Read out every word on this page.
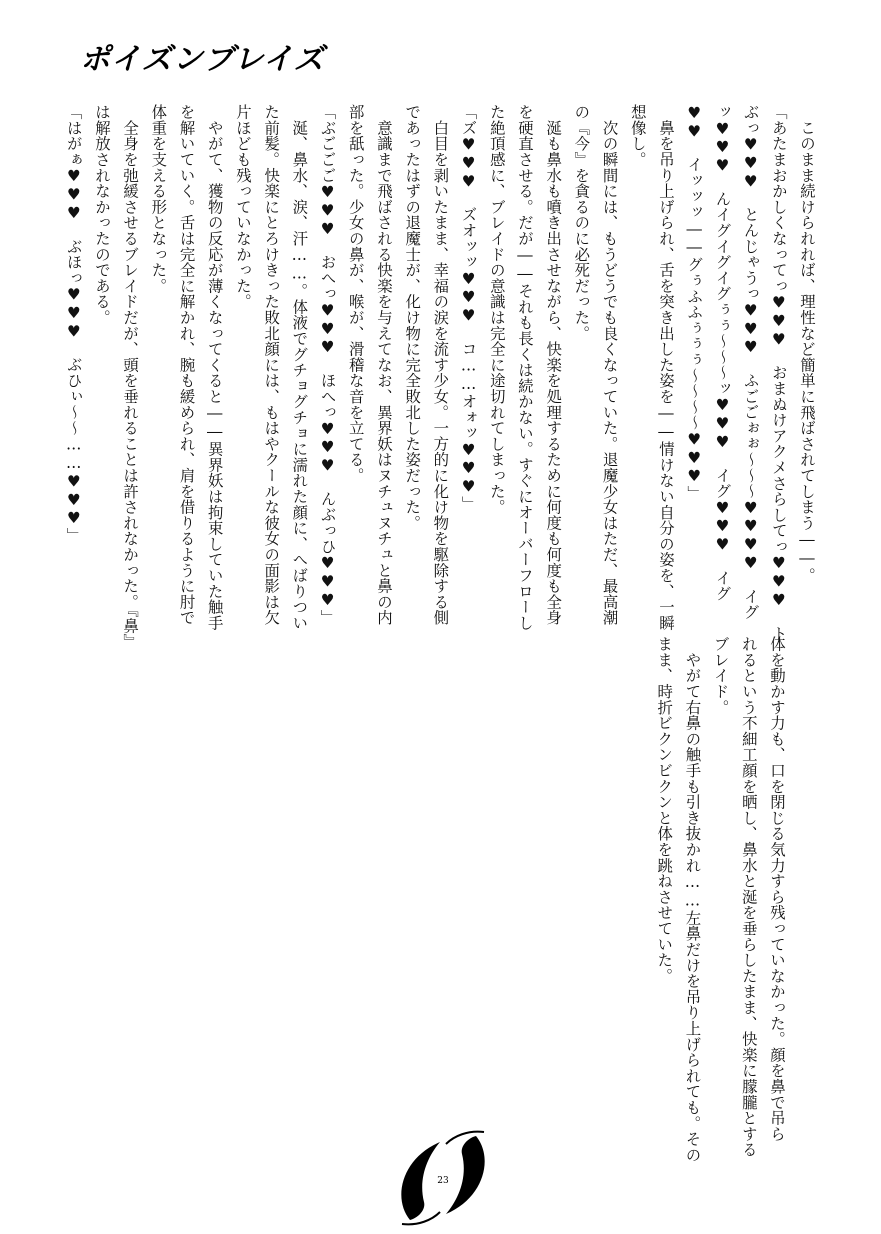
ポイズンブレイズ

　このまま続けられれば、理性など簡単に飛ばされてしまう――。

「あたまおかしくなってっ♥♥♥　おまぬけアクメさらしてっ♥♥♥　ト

ぶっ♥♥♥　とんじゃうっ♥♥♥　ふごごぉぉ～～～♥♥♥♥　イグ

ッ♥♥♥　んイグイグイグぅぅ～～～ッ♥♥♥　イグ♥♥♥　イグ

♥♥　イッッッ――グぅふふぅぅぅ～～～～♥♥♥」

　鼻を吊り上げられ、舌を突き出した姿を――情けない自分の姿を、一瞬

想像し。

　次の瞬間には、もうどうでも良くなっていた。退魔少女はただ、最高潮

の『今』を貪るのに必死だった。

　涎も鼻水も噴き出させながら、快楽を処理するために何度も何度も全身

を硬直させる。だが――それも長くは続かない。すぐにオーバーフローし

た絶頂感に、ブレイドの意識は完全に途切れてしまった。

「ズ♥♥♥　ズオッッ♥♥♥　コ……オォッ♥♥♥」

　白目を剥いたまま、幸福の涙を流す少女。一方的に化け物を駆除する側

であったはずの退魔士が、化け物に完全敗北した姿だった。

　意識まで飛ばされる快楽を与えてなお、異界妖はヌチュヌチュと鼻の内

部を舐った。少女の鼻が、喉が、滑稽な音を立てる。

「ぶごごご♥♥♥　おへっ♥♥♥　ほへっ♥♥♥　んぶっひ♥♥♥」

　涎、鼻水、涙、汗……。体液でグチョグチョに濡れた顔に、へばりつい

た前髪。快楽にとろけきった敗北顔には、もはやクールな彼女の面影は欠

片ほども残っていなかった。

　やがて、獲物の反応が薄くなってくると――異界妖は拘束していた触手

を解いていく。舌は完全に解かれ、腕も緩められ、肩を借りるように肘で

体重を支える形となった。

　全身を弛緩させるブレイドだが、頭を垂れることは許されなかった。『鼻』

は解放されなかったのである。

「はがぁ♥♥♥　ぶほっ♥♥♥　ぶひぃ～～……♥♥♥」

体を動かす力も、口を閉じる気力すら残っていなかった。顔を鼻で吊ら

れるという不細工顔を晒し、鼻水と涎を垂らしたまま、快楽に朦朧とする

ブレイド。

　やがて右鼻の触手も引き抜かれ……左鼻だけを吊り上げられても。その

まま、時折ビクンビクンと体を跳ねさせていた。

23
